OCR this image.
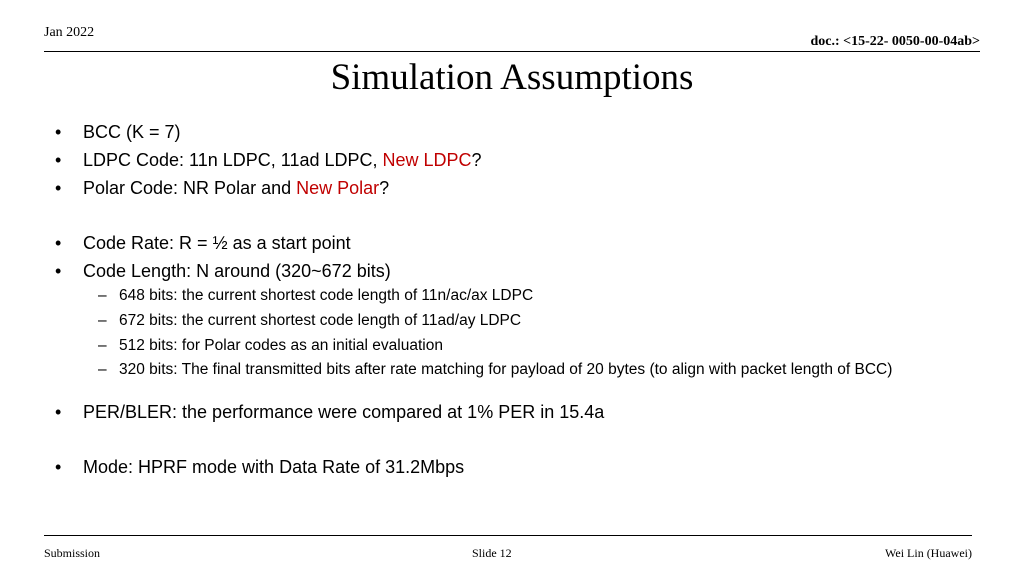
Jan 2022
doc.: <15-22- 0050-00-04ab>
Simulation Assumptions
• BCC (K = 7)
• LDPC Code: 11n LDPC, 11ad LDPC, New LDPC?
• Polar Code: NR Polar and New Polar?
• Code Rate: R = ½ as a start point
• Code Length: N around (320~672 bits)
– 648 bits: the current shortest code length of 11n/ac/ax LDPC
– 672 bits: the current shortest code length of 11ad/ay LDPC
– 512 bits: for Polar codes as an initial evaluation
– 320 bits: The final transmitted bits after rate matching for payload of 20 bytes (to align with packet length of BCC)
• PER/BLER: the performance were compared at 1% PER in 15.4a
• Mode: HPRF mode with Data Rate of 31.2Mbps
Submission	Slide 12	Wei Lin (Huawei)
